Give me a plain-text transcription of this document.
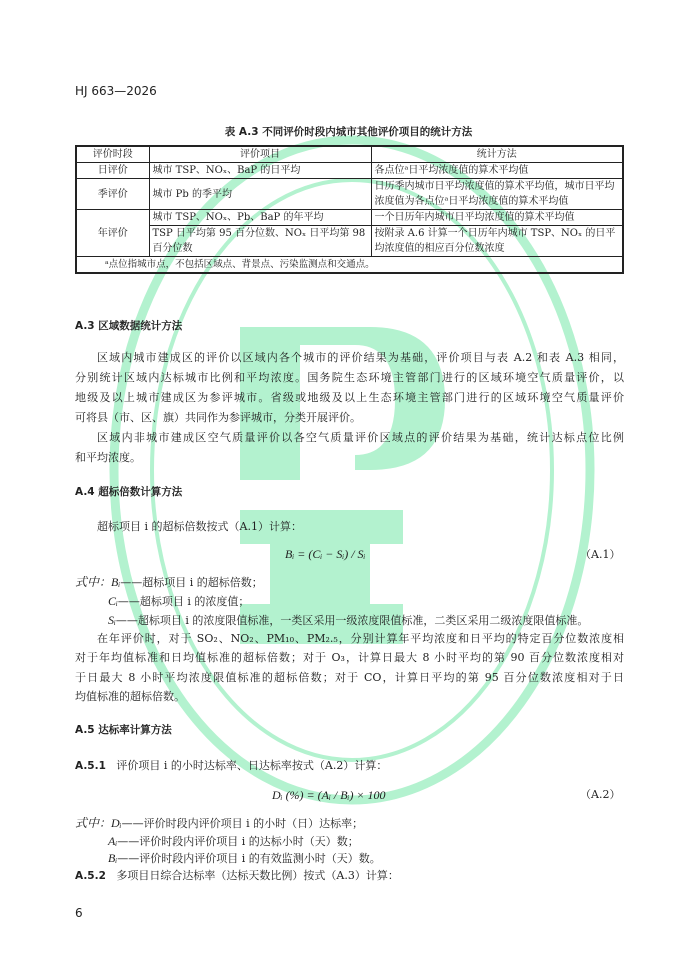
HJ 663—2026
表 A.3 不同评价时段内城市其他评价项目的统计方法
评价时段	评价项目	统计方法
日评价	城市 TSP、NOₓ、BaP 的日平均	各点位ᵃ日平均浓度值的算术平均值
季评价	城市 Pb 的季平均	日历季内城市日平均浓度值的算术平均值，城市日平均浓度值为各点位ᵃ日平均浓度值的算术平均值
年评价	城市 TSP、NOₓ、Pb、BaP 的年平均	一个日历年内城市日平均浓度值的算术平均值
	TSP 日平均第 95 百分位数、NOₓ 日平均第 98 百分位数	按附录 A.6 计算一个日历年内城市 TSP、NOₓ 的日平均浓度值的相应百分位数浓度
ᵃ点位指城市点，不包括区域点、背景点、污染监测点和交通点。		
A.3 区域数据统计方法
区域内城市建成区的评价以区域内各个城市的评价结果为基础，评价项目与表 A.2 和表 A.3 相同，
分别统计区域内达标城市比例和平均浓度。国务院生态环境主管部门进行的区域环境空气质量评价，以
地级及以上城市建成区为参评城市。省级或地级及以上生态环境主管部门进行的区域环境空气质量评价
可将县（市、区、旗）共同作为参评城市，分类开展评价。
区域内非城市建成区空气质量评价以各空气质量评价区域点的评价结果为基础，统计达标点位比例
和平均浓度。
A.4 超标倍数计算方法
超标项目 i 的超标倍数按式（A.1）计算：
Bᵢ = (Cᵢ − Sᵢ) / Sᵢ	（A.1）
式中：Bᵢ——超标项目 i 的超标倍数；
Cᵢ——超标项目 i 的浓度值；
Sᵢ——超标项目 i 的浓度限值标准，一类区采用一级浓度限值标准，二类区采用二级浓度限值标准。
在年评价时，对于 SO₂、NO₂、PM₁₀、PM₂.₅，分别计算年平均浓度和日平均的特定百分位数浓度相
对于年均值标准和日均值标准的超标倍数；对于 O₃，计算日最大 8 小时平均的第 90 百分位数浓度相对
于日最大 8 小时平均浓度限值标准的超标倍数；对于 CO，计算日平均的第 95 百分位数浓度相对于日
均值标准的超标倍数。
A.5 达标率计算方法
A.5.1 评价项目 i 的小时达标率、日达标率按式（A.2）计算：
Dᵢ (%) = (Aᵢ / Bᵢ) × 100	（A.2）
式中：Dᵢ——评价时段内评价项目 i 的小时（日）达标率；
Aᵢ——评价时段内评价项目 i 的达标小时（天）数；
Bᵢ——评价时段内评价项目 i 的有效监测小时（天）数。
A.5.2 多项目日综合达标率（达标天数比例）按式（A.3）计算：
6
